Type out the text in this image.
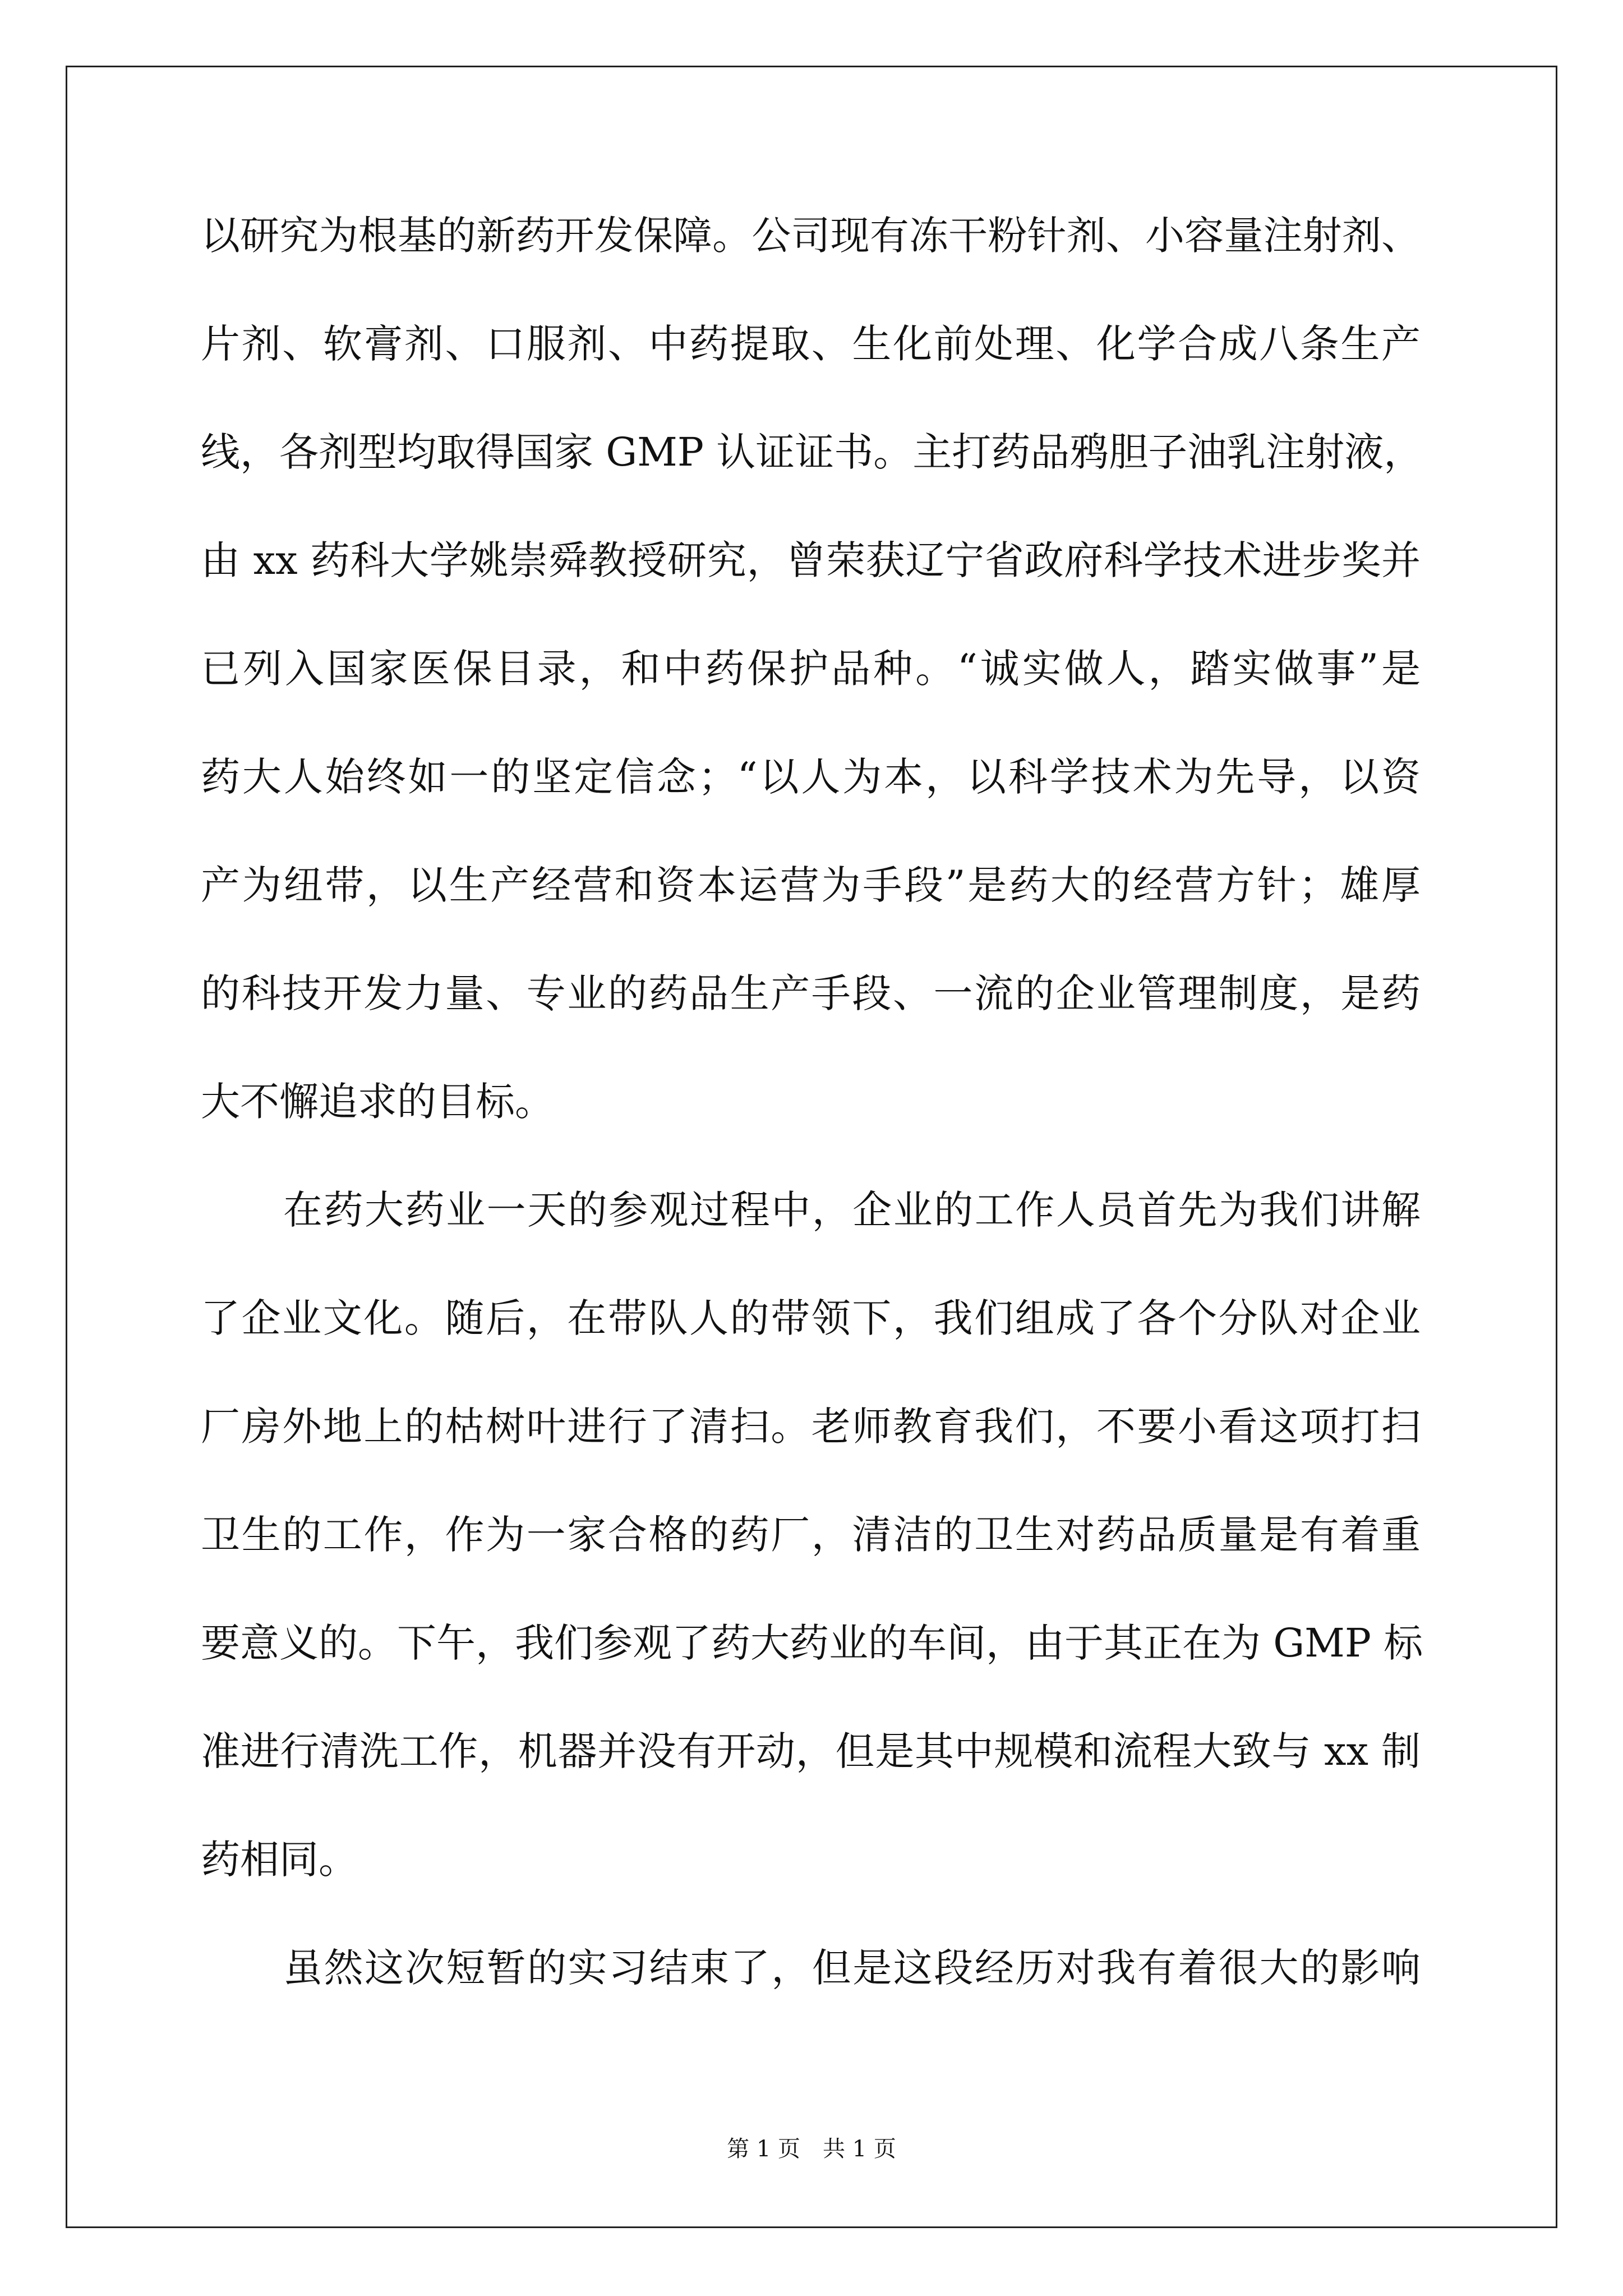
以研究为根基的新药开发保障。公司现有冻干粉针剂、小容量注射剂、
片剂、软膏剂、口服剂、中药提取、生化前处理、化学合成八条生产
线，各剂型均取得国家 GMP 认证证书。主打药品鸦胆子油乳注射液，
由 xx 药科大学姚崇舜教授研究，曾荣获辽宁省政府科学技术进步奖并
已列入国家医保目录，和中药保护品种。“诚实做人，踏实做事”是
药大人始终如一的坚定信念；“以人为本，以科学技术为先导，以资
产为纽带，以生产经营和资本运营为手段”是药大的经营方针；雄厚
的科技开发力量、专业的药品生产手段、一流的企业管理制度，是药
大不懈追求的目标。
在药大药业一天的参观过程中，企业的工作人员首先为我们讲解
了企业文化。随后，在带队人的带领下，我们组成了各个分队对企业
厂房外地上的枯树叶进行了清扫。老师教育我们，不要小看这项打扫
卫生的工作，作为一家合格的药厂，清洁的卫生对药品质量是有着重
要意义的。下午，我们参观了药大药业的车间，由于其正在为 GMP 标
准进行清洗工作，机器并没有开动，但是其中规模和流程大致与 xx 制
药相同。
虽然这次短暂的实习结束了，但是这段经历对我有着很大的影响
第 1 页　共 1 页
